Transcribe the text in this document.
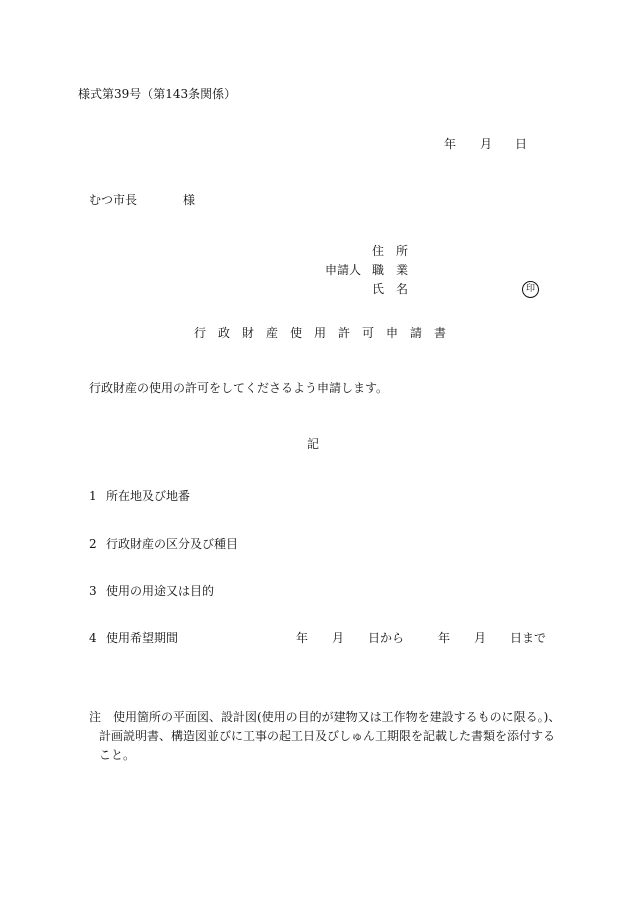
様式第39号（第143条関係）
年 月 日
むつ市長	様
住　所
申請人 職　業
氏　名	印
行　政　財　産　使　用　許　可　申　請　書
行政財産の使用の許可をしてくださるよう申請します。
記
1 所在地及び地番
2 行政財産の区分及び種目
3 使用の用途又は目的
4 使用希望期間	年 月 日から	年 月 日まで
注　使用箇所の平面図、設計図(使用の目的が建物又は工作物を建設するものに限る。)、
計画説明書、構造図並びに工事の起工日及びしゅん工期限を記載した書類を添付する
こと。
